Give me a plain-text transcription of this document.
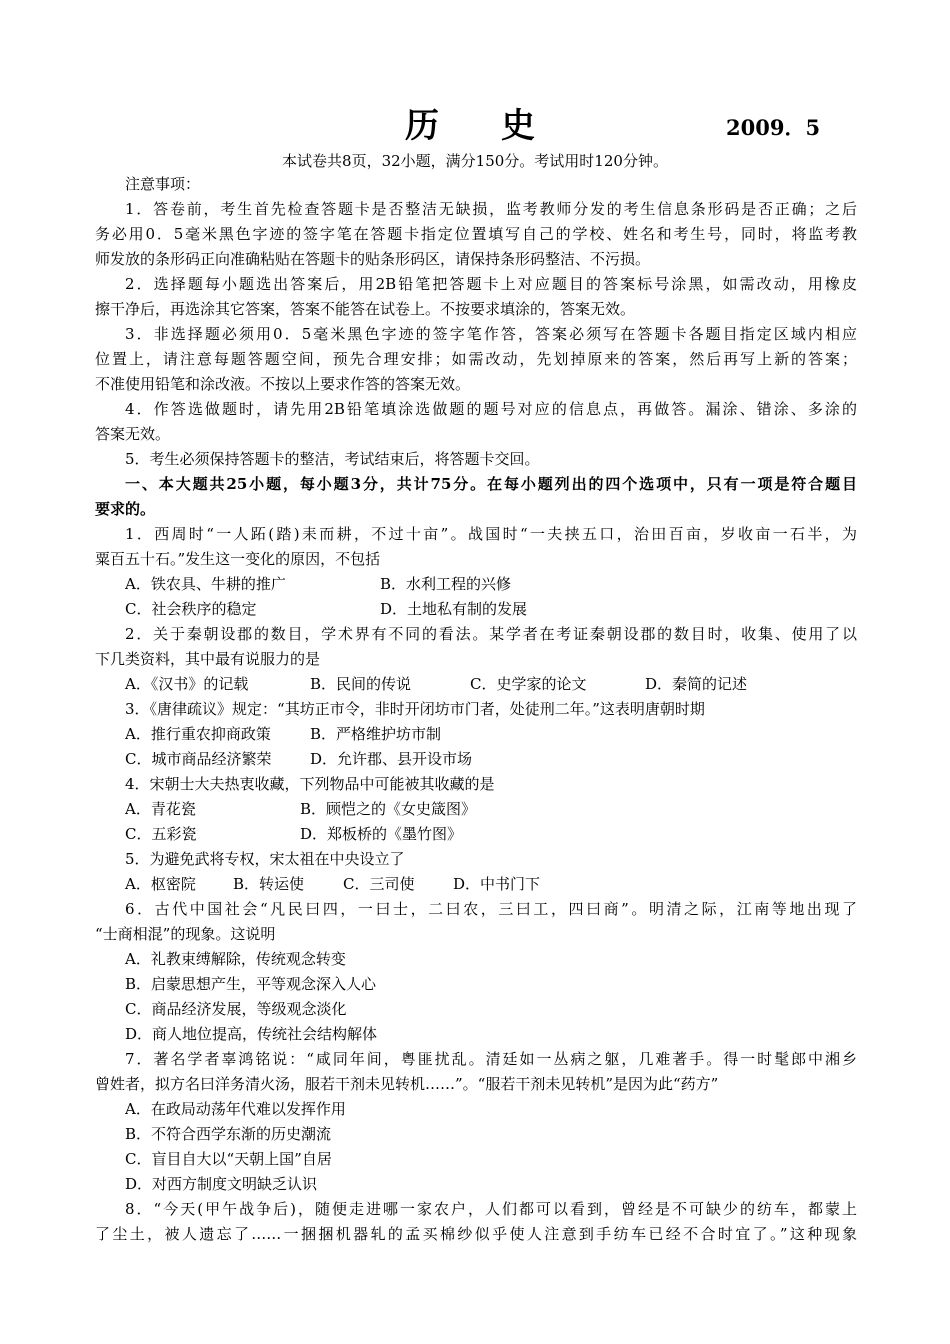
历史	2009．5
本试卷共8页，32小题，满分150分。考试用时120分钟。
注意事项：
1．答卷前，考生首先检查答题卡是否整洁无缺损，监考教师分发的考生信息条形码是否正确；之后
务必用0．5毫米黑色字迹的签字笔在答题卡指定位置填写自己的学校、姓名和考生号，同时，将监考教
师发放的条形码正向准确粘贴在答题卡的贴条形码区，请保持条形码整洁、不污损。
2．选择题每小题选出答案后，用2B铅笔把答题卡上对应题目的答案标号涂黑，如需改动，用橡皮
擦干净后，再选涂其它答案，答案不能答在试卷上。不按要求填涂的，答案无效。
3．非选择题必须用0．5毫米黑色字迹的签字笔作答，答案必须写在答题卡各题目指定区域内相应
位置上，请注意每题答题空间，预先合理安排；如需改动，先划掉原来的答案，然后再写上新的答案；
不准使用铅笔和涂改液。不按以上要求作答的答案无效。
4．作答选做题时，请先用2B铅笔填涂选做题的题号对应的信息点，再做答。漏涂、错涂、多涂的
答案无效。
5．考生必须保持答题卡的整洁，考试结束后，将答题卡交回。
一、本大题共25小题，每小题3分，共计75分。在每小题列出的四个选项中，只有一项是符合题目
要求的。
1．西周时“一人跖(踏)耒而耕，不过十亩”。战国时“一夫挟五口，治田百亩，岁收亩一石半，为
粟百五十石。”发生这一变化的原因，不包括
A．铁农具、牛耕的推广	B．水利工程的兴修
C．社会秩序的稳定	D．土地私有制的发展
2．关于秦朝设郡的数目，学术界有不同的看法。某学者在考证秦朝设郡的数目时，收集、使用了以
下几类资料，其中最有说服力的是
A．《汉书》的记载	B．民间的传说	C．史学家的论文	D．秦简的记述
3．《唐律疏议》规定：“其坊正市令，非时开闭坊市门者，处徒刑二年。”这表明唐朝时期
A．推行重农抑商政策	B．严格维护坊市制
C．城市商品经济繁荣	D．允许郡、县开设市场
4．宋朝士大夫热衷收藏，下列物品中可能被其收藏的是
A．青花瓷	B．顾恺之的《女史箴图》
C．五彩瓷	D．郑板桥的《墨竹图》
5．为避免武将专权，宋太祖在中央设立了
A．枢密院 B．转运使	C．三司使	D．中书门下
6．古代中国社会“凡民曰四，一曰士，二曰农，三曰工，四曰商”。明清之际，江南等地出现了
“士商相混”的现象。这说明
A．礼教束缚解除，传统观念转变
B．启蒙思想产生，平等观念深入人心
C．商品经济发展，等级观念淡化
D．商人地位提高，传统社会结构解体
7．著名学者辜鸿铭说：“咸同年间，粤匪扰乱。清廷如一丛病之躯，几难著手。得一时髦郎中湘乡
曾姓者，拟方名曰洋务清火汤，服若干剂未见转机……”。“服若干剂未见转机”是因为此“药方”
A．在政局动荡年代难以发挥作用
B．不符合西学东渐的历史潮流
C．盲目自大以“天朝上国”自居
D．对西方制度文明缺乏认识
8．“今天(甲午战争后)，随便走进哪一家农户，人们都可以看到，曾经是不可缺少的纺车，都蒙上
了尘土，被人遗忘了……一捆捆机器轧的孟买棉纱似乎使人注意到手纺车已经不合时宜了。”这种现象
